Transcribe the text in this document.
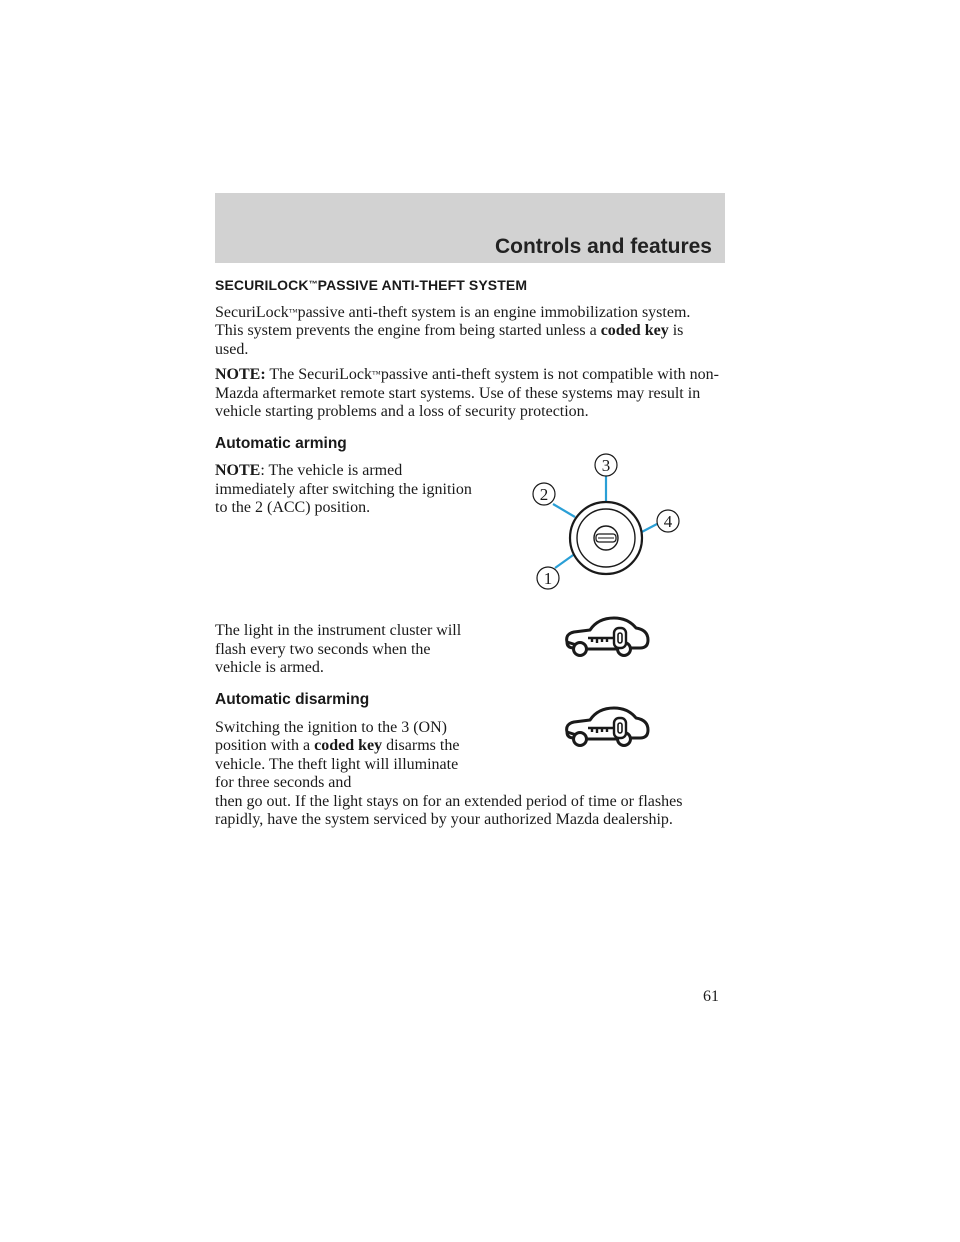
Controls and features
SECURILOCK™PASSIVE ANTI-THEFT SYSTEM

SecuriLock™passive anti-theft system is an engine immobilization system. This system prevents the engine from being started unless a coded key is used.

NOTE: The SecuriLock™passive anti-theft system is not compatible with non-Mazda aftermarket remote start systems. Use of these systems may result in vehicle starting problems and a loss of security protection.

Automatic arming

NOTE: The vehicle is armed immediately after switching the ignition to the 2 (ACC) position.

The light in the instrument cluster will flash every two seconds when the vehicle is armed.

Automatic disarming

Switching the ignition to the 3 (ON) position with a coded key disarms the vehicle. The theft light will illuminate for three seconds and
then go out. If the light stays on for an extended period of time or flashes rapidly, have the system serviced by your authorized Mazda dealership.

3
2
4
1
61
